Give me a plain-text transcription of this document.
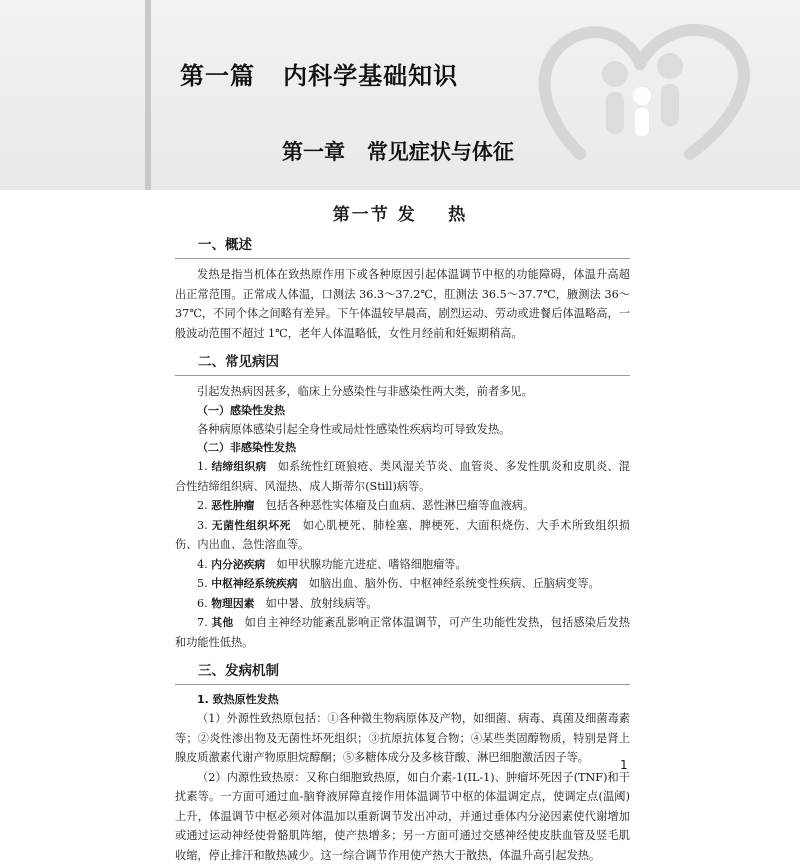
第一篇   内科学基础知识
第一章   常见症状与体征
第一节 发    热
一、概述

发热是指当机体在致热原作用下或各种原因引起体温调节中枢的功能障碍，体温升高超出正常范围。正常成人体温，口测法 36.3～37.2℃，肛测法 36.5～37.7℃，腋测法 36～37℃，不同个体之间略有差异。下午体温较早晨高，剧烈运动、劳动或进餐后体温略高，一般波动范围不超过 1℃，老年人体温略低，女性月经前和妊娠期稍高。

二、常见病因

引起发热病因甚多，临床上分感染性与非感染性两大类，前者多见。

（一）感染性发热

各种病原体感染引起全身性或局灶性感染性疾病均可导致发热。

（二）非感染性发热

1. 结缔组织病　 如系统性红斑狼疮、类风湿关节炎、血管炎、多发性肌炎和皮肌炎、混合性结缔组织病、风湿热、成人斯蒂尔(Still)病等。

2. 恶性肿瘤　 包括各种恶性实体瘤及白血病、恶性淋巴瘤等血液病。

3. 无菌性组织坏死　 如心肌梗死、肺栓塞、脾梗死、大面积烧伤、大手术所致组织损伤、内出血、急性溶血等。

4. 内分泌疾病　 如甲状腺功能亢进症、嗜铬细胞瘤等。

5. 中枢神经系统疾病　 如脑出血、脑外伤、中枢神经系统变性疾病、丘脑病变等。

6. 物理因素　 如中暑、放射线病等。

7. 其他　 如自主神经功能紊乱影响正常体温调节，可产生功能性发热，包括感染后发热和功能性低热。

三、发病机制
1. 致热原性发热

（1）外源性致热原包括：①各种微生物病原体及产物，如细菌、病毒、真菌及细菌毒素等；②炎性渗出物及无菌性坏死组织；③抗原抗体复合物；④某些类固醇物质，特别是肾上腺皮质激素代谢产物原胆烷醇酮；⑤多糖体成分及多核苷酸、淋巴细胞激活因子等。

（2）内源性致热原：又称白细胞致热原，如白介素-1(IL-1)、肿瘤坏死因子(TNF)和干扰素等。一方面可通过血-脑脊液屏障直接作用体温调节中枢的体温调定点，使调定点(温阈)上升，体温调节中枢必须对体温加以重新调节发出冲动，并通过垂体内分泌因素使代谢增加或通过运动神经使骨骼肌阵缩，使产热增多；另一方面可通过交感神经使皮肤血管及竖毛肌收缩，停止排汗和散热减少。这一综合调节作用使产热大于散热，体温升高引起发热。

1
